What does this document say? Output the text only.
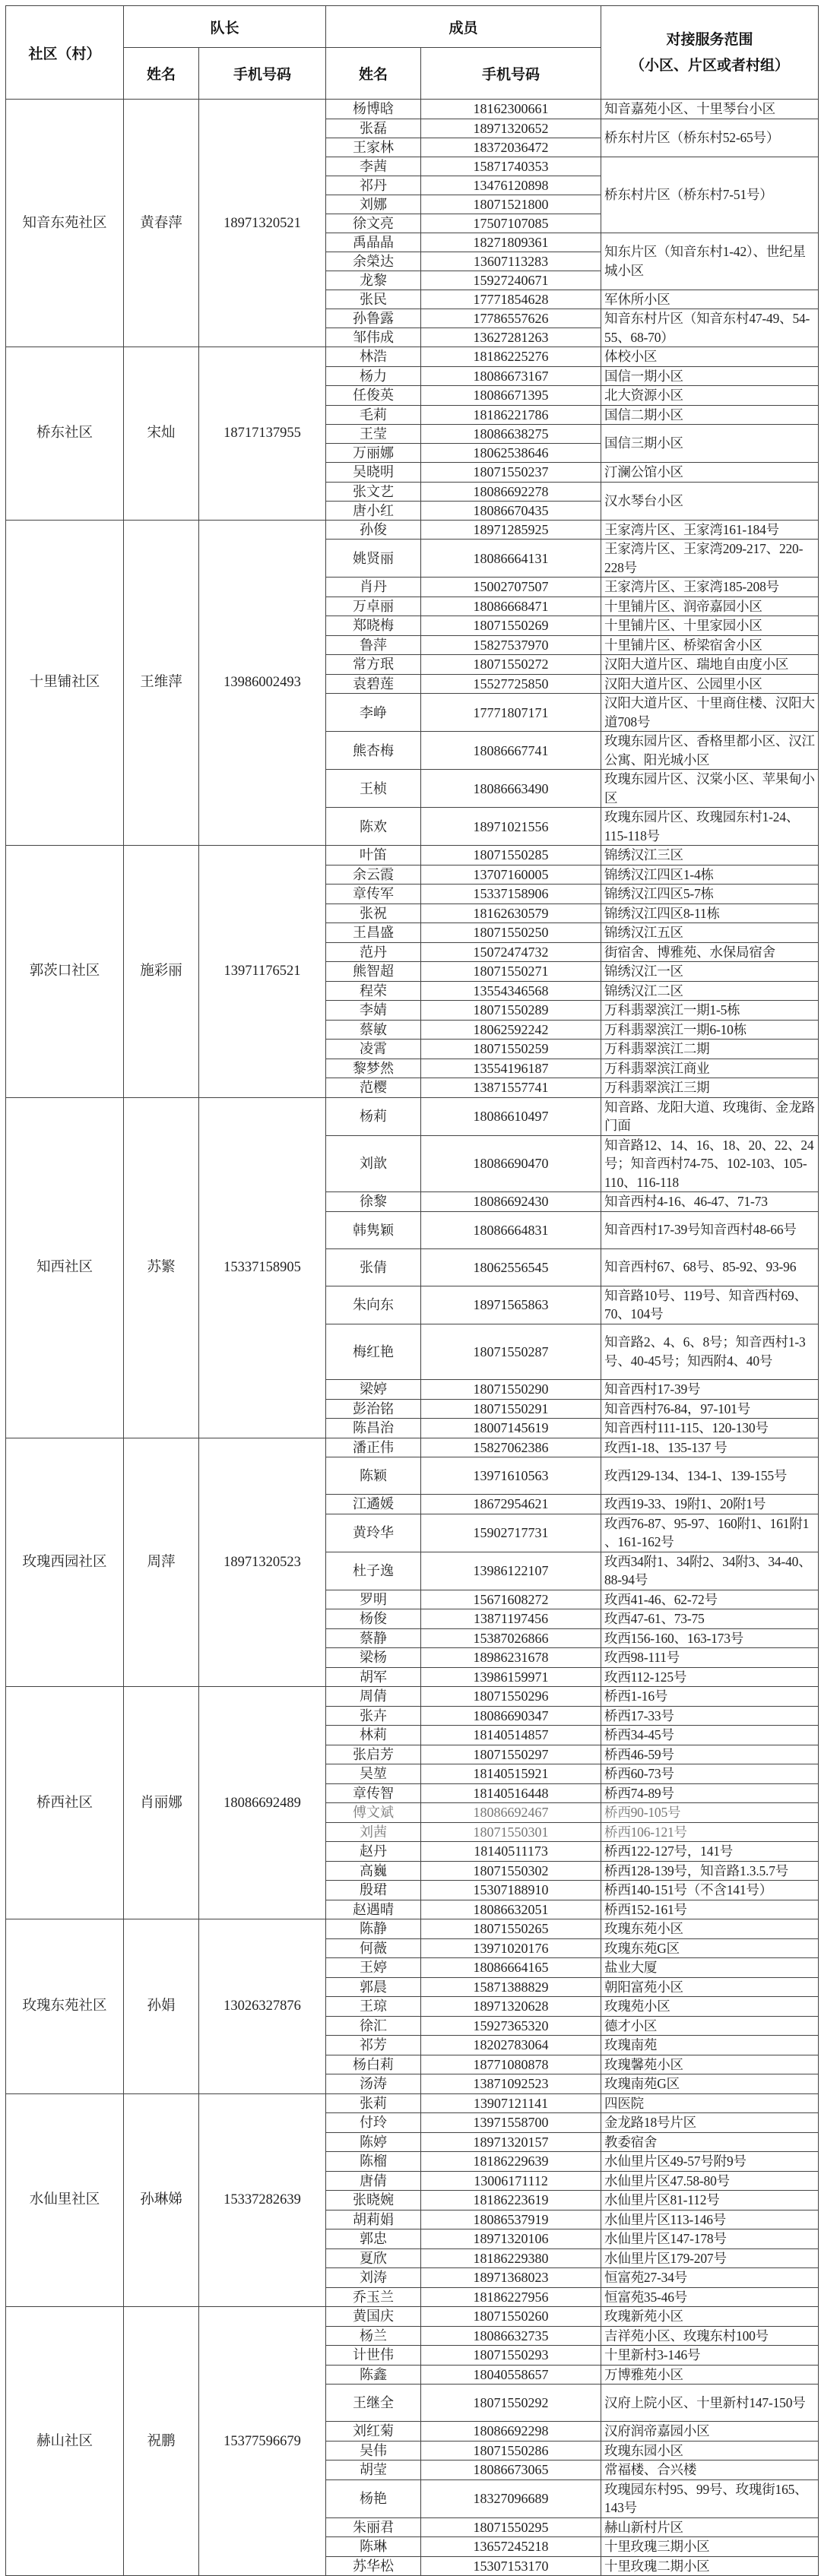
社区（村）	队长		成员		对接服务范围
（小区、片区或者村组）
	姓名	手机号码	姓名	手机号码	
知音东苑社区	黄春萍	18971320521	杨博晗	18162300661	知音嘉苑小区、十里琴台小区
			张磊	18971320652	桥东村片区（桥东村52-65号）
			王家林	18372036472	
			李茜	15871740353	桥东村片区（桥东村7-51号）
			祁丹	13476120898	
			刘娜	18071521800	
			徐文亮	17507107085	
			禹晶晶	18271809361	知东片区（知音东村1-42）、世纪星城小区
			余榮达	13607113283	
			龙黎	15927240671	
			张民	17771854628	军休所小区
			孙鲁露	17786557626	知音东村片区（知音东村47-49、54-55、68-70）
			邹伟成	13627281263	
桥东社区	宋灿	18717137955	林浩	18186225276	体校小区
			杨力	18086673167	国信一期小区
			任俊英	18086671395	北大资源小区
			毛莉	18186221786	国信二期小区
			王莹	18086638275	国信三期小区
			万丽娜	18062538646	
			吴晓明	18071550237	汀澜公馆小区
			张文艺	18086692278	汉水琴台小区
			唐小红	18086670435	
十里铺社区	王维萍	13986002493	孙俊	18971285925	王家湾片区、王家湾161-184号
			姚贤丽	18086664131	王家湾片区、王家湾209-217、220-228号
			肖丹	15002707507	王家湾片区、王家湾185-208号
			万卓丽	18086668471	十里铺片区、润帝嘉园小区
			郑晓梅	18071550269	十里铺片区、十里家园小区
			鲁萍	15827537970	十里铺片区、桥梁宿舍小区
			常方珉	18071550272	汉阳大道片区、瑞地自由度小区
			袁碧莲	15527725850	汉阳大道片区、公园里小区
			李峥	17771807171	汉阳大道片区、十里商住楼、汉阳大道708号
			熊杏梅	18086667741	玫瑰东园片区、香格里都小区、汉江公寓、阳光城小区
			王桢	18086663490	玫瑰东园片区、汉棠小区、苹果甸小区
			陈欢	18971021556	玫瑰东园片区、玫瑰园东村1-24、115-118号
郭茨口社区	施彩丽	13971176521	叶笛	18071550285	锦绣汉江三区
			余云霞	13707160005	锦绣汉江四区1-4栋
			章传军	15337158906	锦绣汉江四区5-7栋
			张祝	18162630579	锦绣汉江四区8-11栋
			王昌盛	18071550250	锦绣汉江五区
			范丹	15072474732	街宿舍、博雅苑、水保局宿舍
			熊智超	18071550271	锦绣汉江一区
			程荣	13554346568	锦绣汉江二区
			李婧	18071550289	万科翡翠滨江一期1-5栋
			蔡敏	18062592242	万科翡翠滨江一期6-10栋
			凌霄	18071550259	万科翡翠滨江二期
			黎梦然	13554196187	万科翡翠滨江商业
			范樱	13871557741	万科翡翠滨江三期
知西社区	苏繁	15337158905	杨莉	18086610497	知音路、龙阳大道、玫瑰街、金龙路门面
			刘歆	18086690470	知音路12、14、16、18、20、22、24号；知音西村74-75、102-103、105-110、116-118
			徐黎	18086692430	知音西村4-16、46-47、71-73
			韩隽颖	18086664831	知音西村17-39号知音西村48-66号
			张倩	18062556545	知音西村67、68号、85-92、93-96
			朱向东	18971565863	知音路10号、119号、知音西村69、70、104号
			梅红艳	18071550287	知音路2、4、6、8号；知音西村1-3号、40-45号；知西附4、40号
			梁婷	18071550290	知音西村17-39号
			彭治铭	18071550291	知音西村76-84，97-101号
			陈昌治	18007145619	知音西村111-115、120-130号
玫瑰西园社区	周萍	18971320523	潘正伟	15827062386	玫西1-18、135-137 号
			陈颖	13971610563	玫西129-134、134-1、139-155号
			江遹媛	18672954621	玫西19-33、19附1、20附1号
			黄玲华	15902717731	玫西76-87、95-97、160附1、161附1 、161-162号
			杜子逸	13986122107	玫西34附1、34附2、34附3、34-40、88-94号
			罗明	15671608272	玫西41-46、62-72号
			杨俊	13871197456	玫西47-61、73-75
			蔡静	15387026866	玫西156-160、163-173号
			梁杨	18986231678	玫西98-111号
			胡军	13986159971	玫西112-125号
桥西社区	肖丽娜	18086692489	周倩	18071550296	桥西1-16号
			张卉	18086690347	桥西17-33号
			林莉	18140514857	桥西34-45号
			张启芳	18071550297	桥西46-59号
			吴堃	18140515921	桥西60-73号
			章传智	18140516448	桥西74-89号
			傅文斌	18086692467	桥西90-105号
			刘茜	18071550301	桥西106-121号
			赵丹	18140511173	桥西122-127号，141号
			高巍	18071550302	桥西128-139号，知音路1.3.5.7号
			殷珺	15307188910	桥西140-151号（不含141号）
			赵遇晴	18086632051	桥西152-161号
玫瑰东苑社区	孙娟	13026327876	陈静	18071550265	玫瑰东苑小区
			何薇	13971020176	玫瑰东苑G区
			王婷	18086664165	盐业大厦
			郭晨	15871388829	朝阳富苑小区
			王琼	18971320628	玫瑰苑小区
			徐汇	15927365320	德才小区
			祁芳	18202783064	玫瑰南苑
			杨白莉	18771080878	玫瑰馨苑小区
			汤涛	13871092523	玫瑰南苑G区
水仙里社区	孙琳娣	15337282639	张莉	13907121141	四医院
			付玲	13971558700	金龙路18号片区
			陈婷	18971320157	教委宿舍
			陈榴	18186229639	水仙里片区49-57号附9号
			唐倩	13006171112	水仙里片区47.58-80号
			张晓婉	18186223619	水仙里片区81-112号
			胡莉娟	18086537919	水仙里片区113-146号
			郭忠	18971320106	水仙里片区147-178号
			夏欣	18186229380	水仙里片区179-207号
			刘涛	18971368023	恒富苑27-34号
			乔玉兰	18186227956	恒富苑35-46号
赫山社区	祝鹏	15377596679	黄国庆	18071550260	玫瑰新苑小区
			杨兰	18086632735	吉祥苑小区、玫瑰东村100号
			计世伟	18071550293	十里新村3-146号
			陈鑫	18040558657	万博雅苑小区
			王继全	18071550292	汉府上院小区、十里新村147-150号
			刘红菊	18086692298	汉府润帝嘉园小区
			吴伟	18071550286	玫瑰东园小区
			胡莹	18086673065	常福楼、合兴楼
			杨艳	18327096689	玫瑰园东村95、99号、玫瑰街165、143号
			朱丽君	18071550295	赫山新村片区
			陈琳	13657245218	十里玫瑰三期小区
			苏华松	15307153170	十里玫瑰二期小区
